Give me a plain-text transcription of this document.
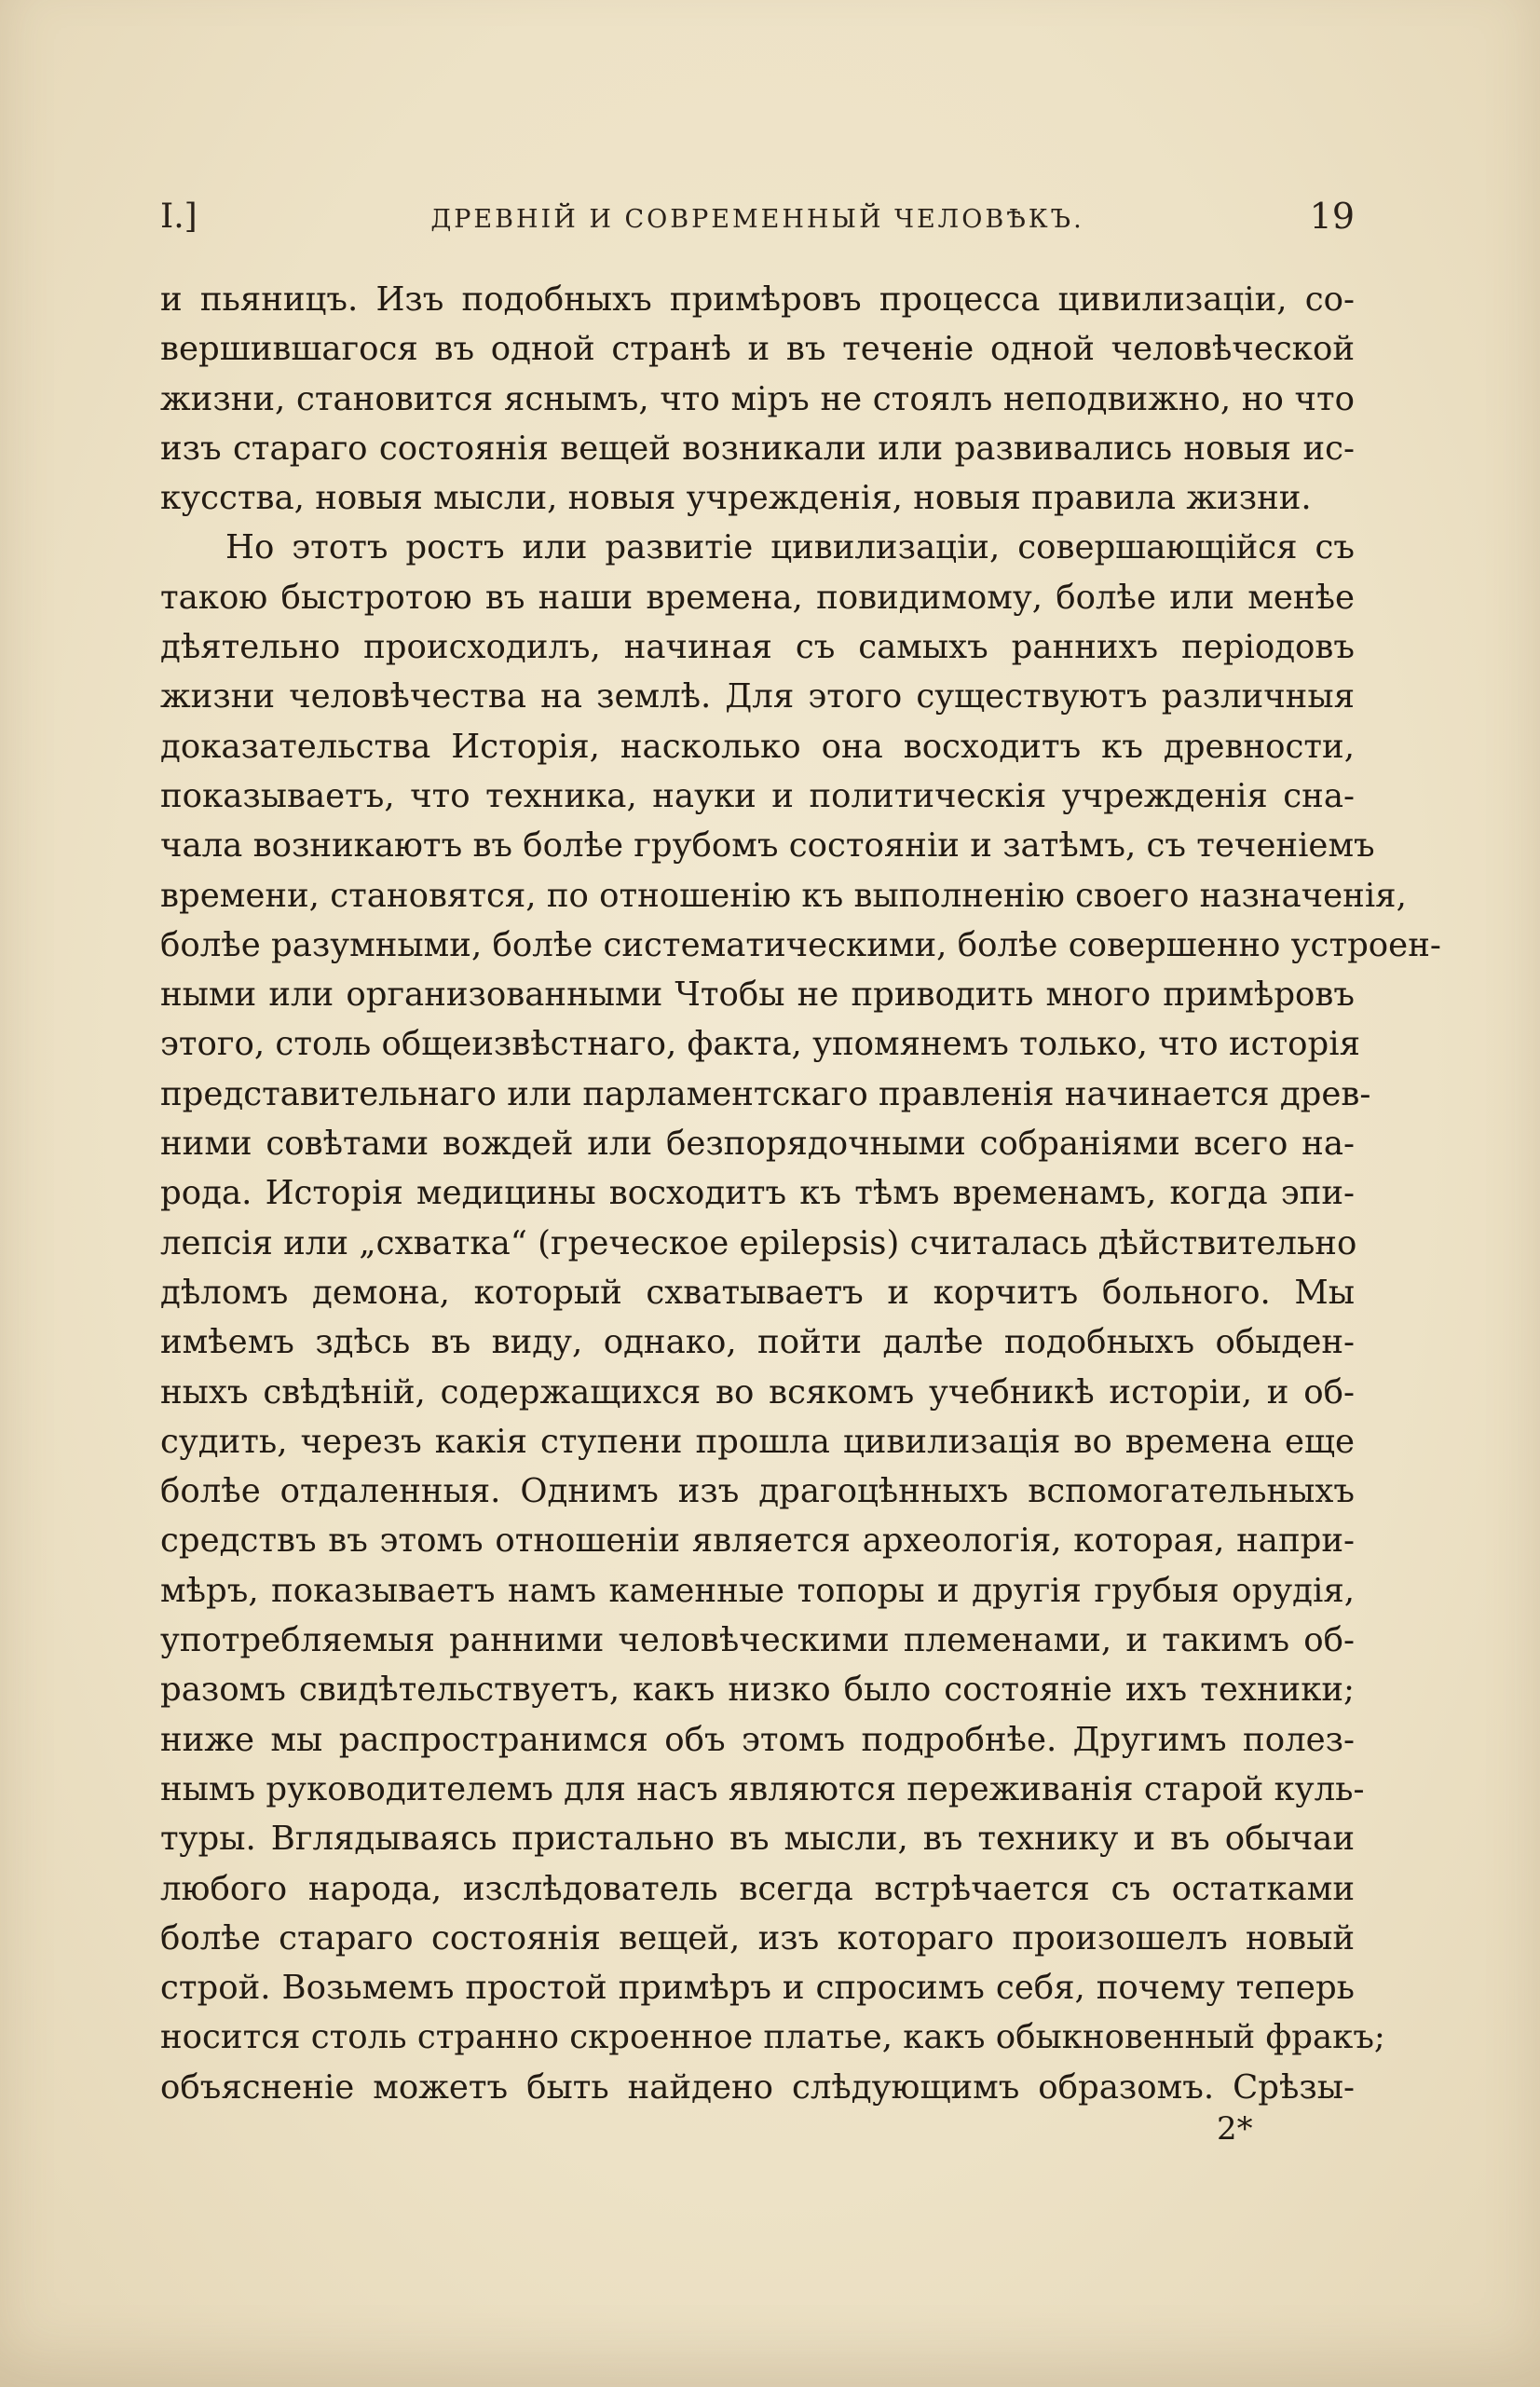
I.]	ДРЕВНІЙ И СОВРЕМЕННЫЙ ЧЕЛОВѢКЪ.	19
и пьяницъ. Изъ подобныхъ примѣровъ процесса цивилизаціи, со-
вершившагося въ одной странѣ и въ теченіе одной человѣческой
жизни, становится яснымъ, что міръ не стоялъ неподвижно, но что
изъ стараго состоянія вещей возникали или развивались новыя ис-
кусства, новыя мысли, новыя учрежденія, новыя правила жизни.
Но этотъ ростъ или развитіе цивилизаціи, совершающійся съ
такою быстротою въ наши времена, повидимому, болѣе или менѣе
дѣятельно происходилъ, начиная съ самыхъ раннихъ періодовъ
жизни человѣчества на землѣ. Для этого существуютъ различныя
доказательства Исторія, насколько она восходитъ къ древности,
показываетъ, что техника, науки и политическія учрежденія сна-
чала возникаютъ въ болѣе грубомъ состояніи и затѣмъ, съ теченіемъ
времени, становятся, по отношенію къ выполненію своего назначенія,
болѣе разумными, болѣе систематическими, болѣе совершенно устроен-
ными или организованными Чтобы не приводить много примѣровъ
этого, столь общеизвѣстнаго, факта, упомянемъ только, что исторія
представительнаго или парламентскаго правленія начинается древ-
ними совѣтами вождей или безпорядочными собраніями всего на-
рода. Исторія медицины восходитъ къ тѣмъ временамъ, когда эпи-
лепсія или „схватка“ (греческое epilepsis) считалась дѣйствительно
дѣломъ демона, который схватываетъ и корчитъ больного. Мы
имѣемъ здѣсь въ виду, однако, пойти далѣе подобныхъ обыден-
ныхъ свѣдѣній, содержащихся во всякомъ учебникѣ исторіи, и об-
судить, черезъ какія ступени прошла цивилизація во времена еще
болѣе отдаленныя. Однимъ изъ драгоцѣнныхъ вспомогательныхъ
средствъ въ этомъ отношеніи является археологія, которая, напри-
мѣръ, показываетъ намъ каменные топоры и другія грубыя орудія,
употребляемыя ранними человѣческими племенами, и такимъ об-
разомъ свидѣтельствуетъ, какъ низко было состояніе ихъ техники;
ниже мы распространимся объ этомъ подробнѣе. Другимъ полез-
нымъ руководителемъ для насъ являются переживанія старой куль-
туры. Вглядываясь пристально въ мысли, въ технику и въ обычаи
любого народа, изслѣдователь всегда встрѣчается съ остатками
болѣе стараго состоянія вещей, изъ котораго произошелъ новый
строй. Возьмемъ простой примѣръ и спросимъ себя, почему теперь
носится столь странно скроенное платье, какъ обыкновенный фракъ;
объясненіе можетъ быть найдено слѣдующимъ образомъ. Срѣзы-
2*
